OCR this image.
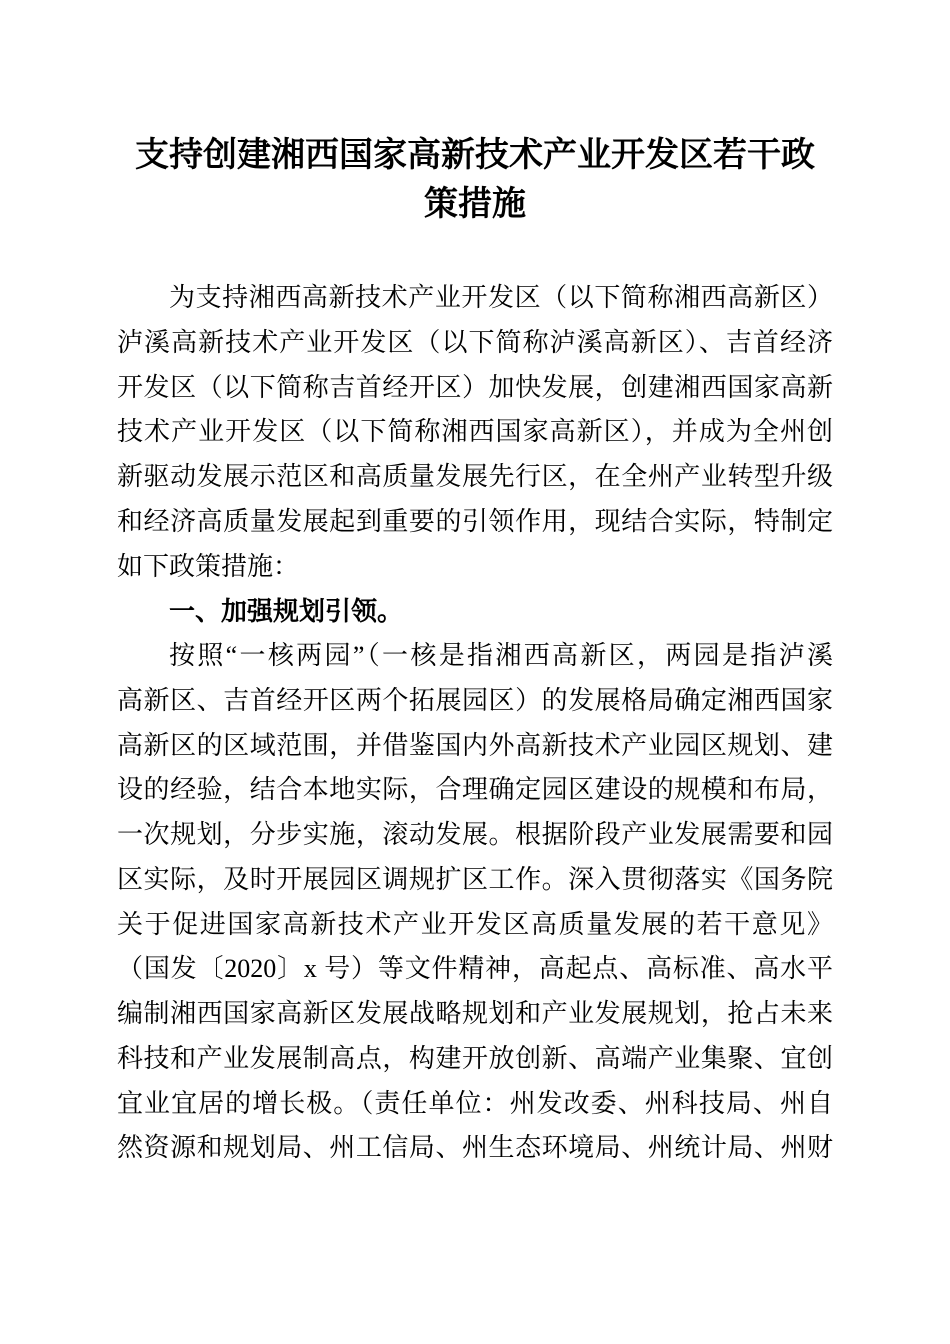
支持创建湘西国家高新技术产业开发区若干政
策措施
为支持湘西高新技术产业开发区（以下简称湘西高新区）
泸溪高新技术产业开发区（以下简称泸溪高新区）、吉首经济
开发区（以下简称吉首经开区）加快发展，创建湘西国家高新
技术产业开发区（以下简称湘西国家高新区），并成为全州创
新驱动发展示范区和高质量发展先行区，在全州产业转型升级
和经济高质量发展起到重要的引领作用，现结合实际，特制定
如下政策措施：
一、加强规划引领。
按照“一核两园”（一核是指湘西高新区，两园是指泸溪
高新区、吉首经开区两个拓展园区）的发展格局确定湘西国家
高新区的区域范围，并借鉴国内外高新技术产业园区规划、建
设的经验，结合本地实际，合理确定园区建设的规模和布局，
一次规划，分步实施，滚动发展。根据阶段产业发展需要和园
区实际，及时开展园区调规扩区工作。深入贯彻落实《国务院
关于促进国家高新技术产业开发区高质量发展的若干意见》
（国发〔2020〕x 号）等文件精神，高起点、高标准、高水平
编制湘西国家高新区发展战略规划和产业发展规划，抢占未来
科技和产业发展制高点，构建开放创新、高端产业集聚、宜创
宜业宜居的增长极。（责任单位：州发改委、州科技局、州自
然资源和规划局、州工信局、州生态环境局、州统计局、州财
